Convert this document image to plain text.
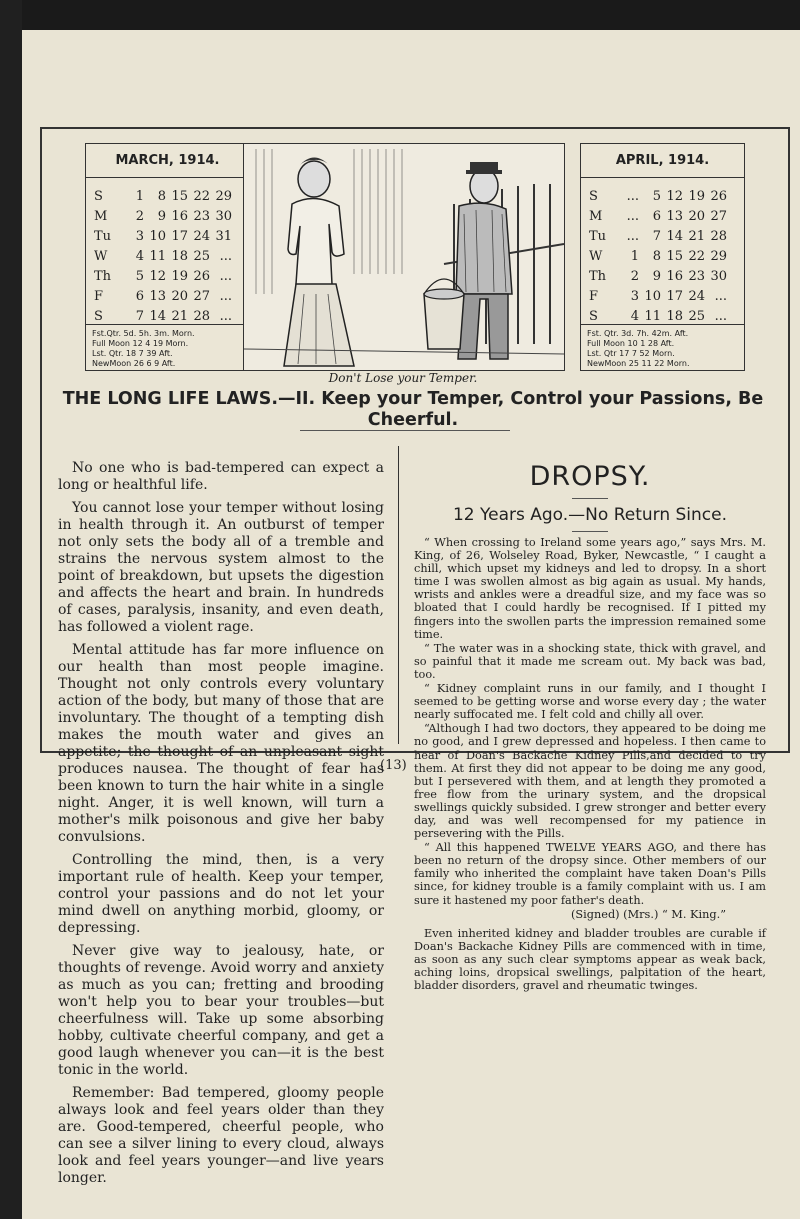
MARCH, 1914.
S	1	8	15	22	29
M	2	9	16	23	30
Tu	3	10	17	24	31
W	4	11	18	25	...
Th	5	12	19	26	...
F	6	13	20	27	...
S	7	14	21	28	...
Fst.Qtr. 5d. 5h. 3m. Morn.
Full Moon 12 4 19 Morn.
Lst. Qtr. 18 7 39 Aft.
NewMoon 26 6 9 Aft.
APRIL, 1914.
S	...	5	12	19	26
M	...	6	13	20	27
Tu	...	7	14	21	28
W	1	8	15	22	29
Th	2	9	16	23	30
F	3	10	17	24	...
S	4	11	18	25	...
Fst. Qtr. 3d. 7h. 42m. Aft.
Full Moon 10 1 28 Aft.
Lst. Qtr 17 7 52 Morn.
NewMoon 25 11 22 Morn.
Don't Lose your Temper.
THE LONG LIFE LAWS.—II. Keep your Temper, Control your Passions, Be Cheerful.

No one who is bad-tempered can expect a long or healthful life.

You cannot lose your temper without losing in health through it. An outburst of temper not only sets the body all of a tremble and strains the nervous system almost to the point of breakdown, but upsets the digestion and affects the heart and brain. In hundreds of cases, paralysis, insanity, and even death, has followed a violent rage.

Mental attitude has far more influence on our health than most people imagine. Thought not only controls every voluntary action of the body, but many of those that are involuntary. The thought of a tempting dish makes the mouth water and gives an appetite; the thought of an unpleasant sight produces nausea. The thought of fear has been known to turn the hair white in a single night. Anger, it is well known, will turn a mother's milk poisonous and give her baby convulsions.

Controlling the mind, then, is a very important rule of health. Keep your temper, control your passions and do not let your mind dwell on anything morbid, gloomy, or depressing.

Never give way to jealousy, hate, or thoughts of revenge. Avoid worry and anxiety as much as you can; fretting and brooding won't help you to bear your troubles—but cheerfulness will. Take up some absorbing hobby, cultivate cheerful company, and get a good laugh whenever you can—it is the best tonic in the world.

Remember: Bad tempered, gloomy people always look and feel years older than they are. Good-tempered, cheerful people, who can see a silver lining to every cloud, always look and feel years younger—and live years longer.

DROPSY.

12 Years Ago.—No Return Since.

“ When crossing to Ireland some years ago,” says Mrs. M. King, of 26, Wolseley Road, Byker, Newcastle, “ I caught a chill, which upset my kidneys and led to dropsy. In a short time I was swollen almost as big again as usual. My hands, wrists and ankles were a dreadful size, and my face was so bloated that I could hardly be recognised. If I pitted my fingers into the swollen parts the impression remained some time.

“ The water was in a shocking state, thick with gravel, and so painful that it made me scream out. My back was bad, too.

“ Kidney complaint runs in our family, and I thought I seemed to be getting worse and worse every day ; the water nearly suffocated me. I felt cold and chilly all over.

“Although I had two doctors, they appeared to be doing me no good, and I grew depressed and hopeless. I then came to hear of Doan's Backache Kidney Pills,and decided to try them. At first they did not appear to be doing me any good, but I persevered with them, and at length they promoted a free flow from the urinary system, and the dropsical swellings quickly subsided. I grew stronger and better every day, and was well recompensed for my patience in persevering with the Pills.

“ All this happened TWELVE YEARS AGO, and there has been no return of the dropsy since. Other members of our family who inherited the complaint have taken Doan's Pills since, for kidney trouble is a family complaint with us. I am sure it hastened my poor father's death.

(Signed) (Mrs.) “ M. King.”

Even inherited kidney and bladder troubles are curable if Doan's Backache Kidney Pills are commenced with in time, as soon as any such clear symptoms appear as weak back, aching loins, dropsical swellings, palpitation of the heart, bladder disorders, gravel and rheumatic twinges.

(13)
